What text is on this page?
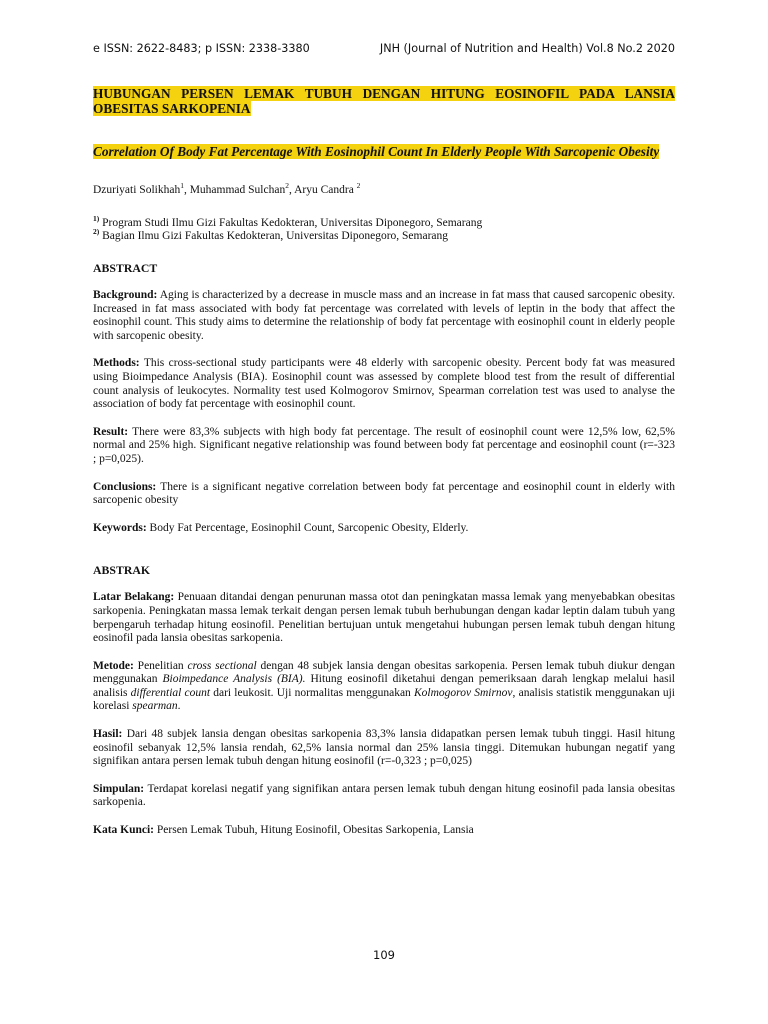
e ISSN: 2622-8483; p ISSN: 2338-3380	JNH (Journal of Nutrition and Health) Vol.8 No.2 2020

HUBUNGAN PERSEN LEMAK TUBUH DENGAN HITUNG EOSINOFIL PADA LANSIA OBESITAS SARKOPENIA

Correlation Of Body Fat Percentage With Eosinophil Count In Elderly People With Sarcopenic Obesity

Dzuriyati Solikhah$^1$, Muhammad Sulchan$^2$, Aryu Candra $^2$

$^{1)}$ Program Studi Ilmu Gizi Fakultas Kedokteran, Universitas Diponegoro, Semarang
$^{2)}$ Bagian Ilmu Gizi Fakultas Kedokteran, Universitas Diponegoro, Semarang
ABSTRACT

Background: Aging is characterized by a decrease in muscle mass and an increase in fat mass that caused sarcopenic obesity. Increased in fat mass associated with body fat percentage was correlated with levels of leptin in the body that affect the eosinophil count. This study aims to determine the relationship of body fat percentage with eosinophil count in elderly people with sarcopenic obesity.

Methods: This cross-sectional study participants were 48 elderly with sarcopenic obesity. Percent body fat was measured using Bioimpedance Analysis (BIA). Eosinophil count was assessed by complete blood test from the result of differential count analysis of leukocytes. Normality test used Kolmogorov Smirnov, Spearman correlation test was used to analyse the association of body fat percentage with eosinophil count.

Result: There were 83,3% subjects with high body fat percentage. The result of eosinophil count were 12,5% low, 62,5% normal and 25% high. Significant negative relationship was found between body fat percentage and eosinophil count (r=-323 ; p=0,025).

Conclusions: There is a significant negative correlation between body fat percentage and eosinophil count in elderly with sarcopenic obesity

Keywords: Body Fat Percentage, Eosinophil Count, Sarcopenic Obesity, Elderly.

ABSTRAK

Latar Belakang: Penuaan ditandai dengan penurunan massa otot dan peningkatan massa lemak yang menyebabkan obesitas sarkopenia. Peningkatan massa lemak terkait dengan persen lemak tubuh berhubungan dengan kadar leptin dalam tubuh yang berpengaruh terhadap hitung eosinofil. Penelitian bertujuan untuk mengetahui hubungan persen lemak tubuh dengan hitung eosinofil pada lansia obesitas sarkopenia.

Metode: Penelitian cross sectional dengan 48 subjek lansia dengan obesitas sarkopenia. Persen lemak tubuh diukur dengan menggunakan Bioimpedance Analysis (BIA). Hitung eosinofil diketahui dengan pemeriksaan darah lengkap melalui hasil analisis differential count dari leukosit. Uji normalitas menggunakan Kolmogorov Smirnov, analisis statistik menggunakan uji korelasi spearman.

Hasil: Dari 48 subjek lansia dengan obesitas sarkopenia 83,3% lansia didapatkan persen lemak tubuh tinggi. Hasil hitung eosinofil sebanyak 12,5% lansia rendah, 62,5% lansia normal dan 25% lansia tinggi. Ditemukan hubungan negatif yang signifikan antara persen lemak tubuh dengan hitung eosinofil (r=-0,323 ; p=0,025)

Simpulan: Terdapat korelasi negatif yang signifikan antara persen lemak tubuh dengan hitung eosinofil pada lansia obesitas sarkopenia.

Kata Kunci: Persen Lemak Tubuh, Hitung Eosinofil, Obesitas Sarkopenia, Lansia

109
